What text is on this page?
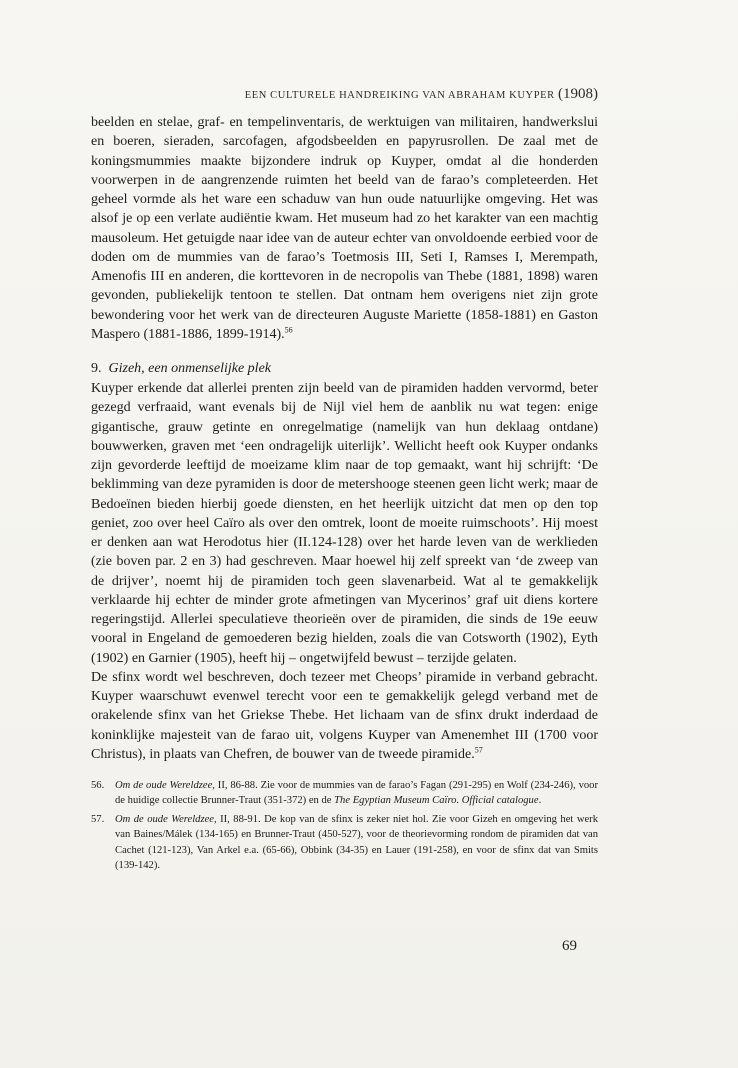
EEN CULTURELE HANDREIKING VAN ABRAHAM KUYPER (1908)

beelden en stelae, graf- en tempelinventaris, de werktuigen van militairen, handwerkslui en boeren, sieraden, sarcofagen, afgodsbeelden en papyrusrollen. De zaal met de koningsmummies maakte bijzondere indruk op Kuyper, omdat al die honderden voorwerpen in de aangrenzende ruimten het beeld van de farao’s completeerden. Het geheel vormde als het ware een schaduw van hun oude natuurlijke omgeving. Het was alsof je op een verlate audiëntie kwam. Het museum had zo het karakter van een machtig mausoleum. Het getuigde naar idee van de auteur echter van onvoldoende eerbied voor de doden om de mummies van de farao’s Toetmosis III, Seti I, Ramses I, Merempath, Amenofis III en anderen, die korttevoren in de necropolis van Thebe (1881, 1898) waren gevonden, publiekelijk tentoon te stellen. Dat ontnam hem overigens niet zijn grote bewondering voor het werk van de directeuren Auguste Mariette (1858-1881) en Gaston Maspero (1881-1886, 1899-1914).$^{56}$

9. Gizeh, een onmenselijke plek

Kuyper erkende dat allerlei prenten zijn beeld van de piramiden hadden vervormd, beter gezegd verfraaid, want evenals bij de Nijl viel hem de aanblik nu wat tegen: enige gigantische, grauw getinte en onregelmatige (namelijk van hun deklaag ontdane) bouwwerken, graven met ‘een ondragelijk uiterlijk’. Wellicht heeft ook Kuyper ondanks zijn gevorderde leeftijd de moeizame klim naar de top gemaakt, want hij schrijft: ‘De beklimming van deze pyramiden is door de metershooge steenen geen licht werk; maar de Bedoeïnen bieden hierbij goede diensten, en het heerlijk uitzicht dat men op den top geniet, zoo over heel Caïro als over den omtrek, loont de moeite ruimschoots’. Hij moest er denken aan wat Herodotus hier (II.124-128) over het harde leven van de werklieden (zie boven par. 2 en 3) had geschreven. Maar hoewel hij zelf spreekt van ‘de zweep van de drijver’, noemt hij de piramiden toch geen slavenarbeid. Wat al te gemakkelijk verklaarde hij echter de minder grote afmetingen van Mycerinos’ graf uit diens kortere regeringstijd. Allerlei speculatieve theorieën over de piramiden, die sinds de 19e eeuw vooral in Engeland de gemoederen bezig hielden, zoals die van Cotsworth (1902), Eyth (1902) en Garnier (1905), heeft hij – ongetwijfeld bewust – terzijde gelaten.

De sfinx wordt wel beschreven, doch tezeer met Cheops’ piramide in verband gebracht. Kuyper waarschuwt evenwel terecht voor een te gemakkelijk gelegd verband met de orakelende sfinx van het Griekse Thebe. Het lichaam van de sfinx drukt inderdaad de koninklijke majesteit van de farao uit, volgens Kuyper van Amenemhet III (1700 voor Christus), in plaats van Chefren, de bouwer van de tweede piramide.$^{57}$

56.	Om de oude Wereldzee, II, 86-88. Zie voor de mummies van de farao’s Fagan (291-295) en Wolf (234-246), voor de huidige collectie Brunner-Traut (351-372) en de The Egyptian Museum Caïro. Official catalogue.
57.	Om de oude Wereldzee, II, 88-91. De kop van de sfinx is zeker niet hol. Zie voor Gizeh en omgeving het werk van Baines/Málek (134-165) en Brunner-Traut (450-527), voor de theorievorming rondom de piramiden dat van Cachet (121-123), Van Arkel e.a. (65-66), Obbink (34-35) en Lauer (191-258), en voor de sfinx dat van Smits (139-142).
69
